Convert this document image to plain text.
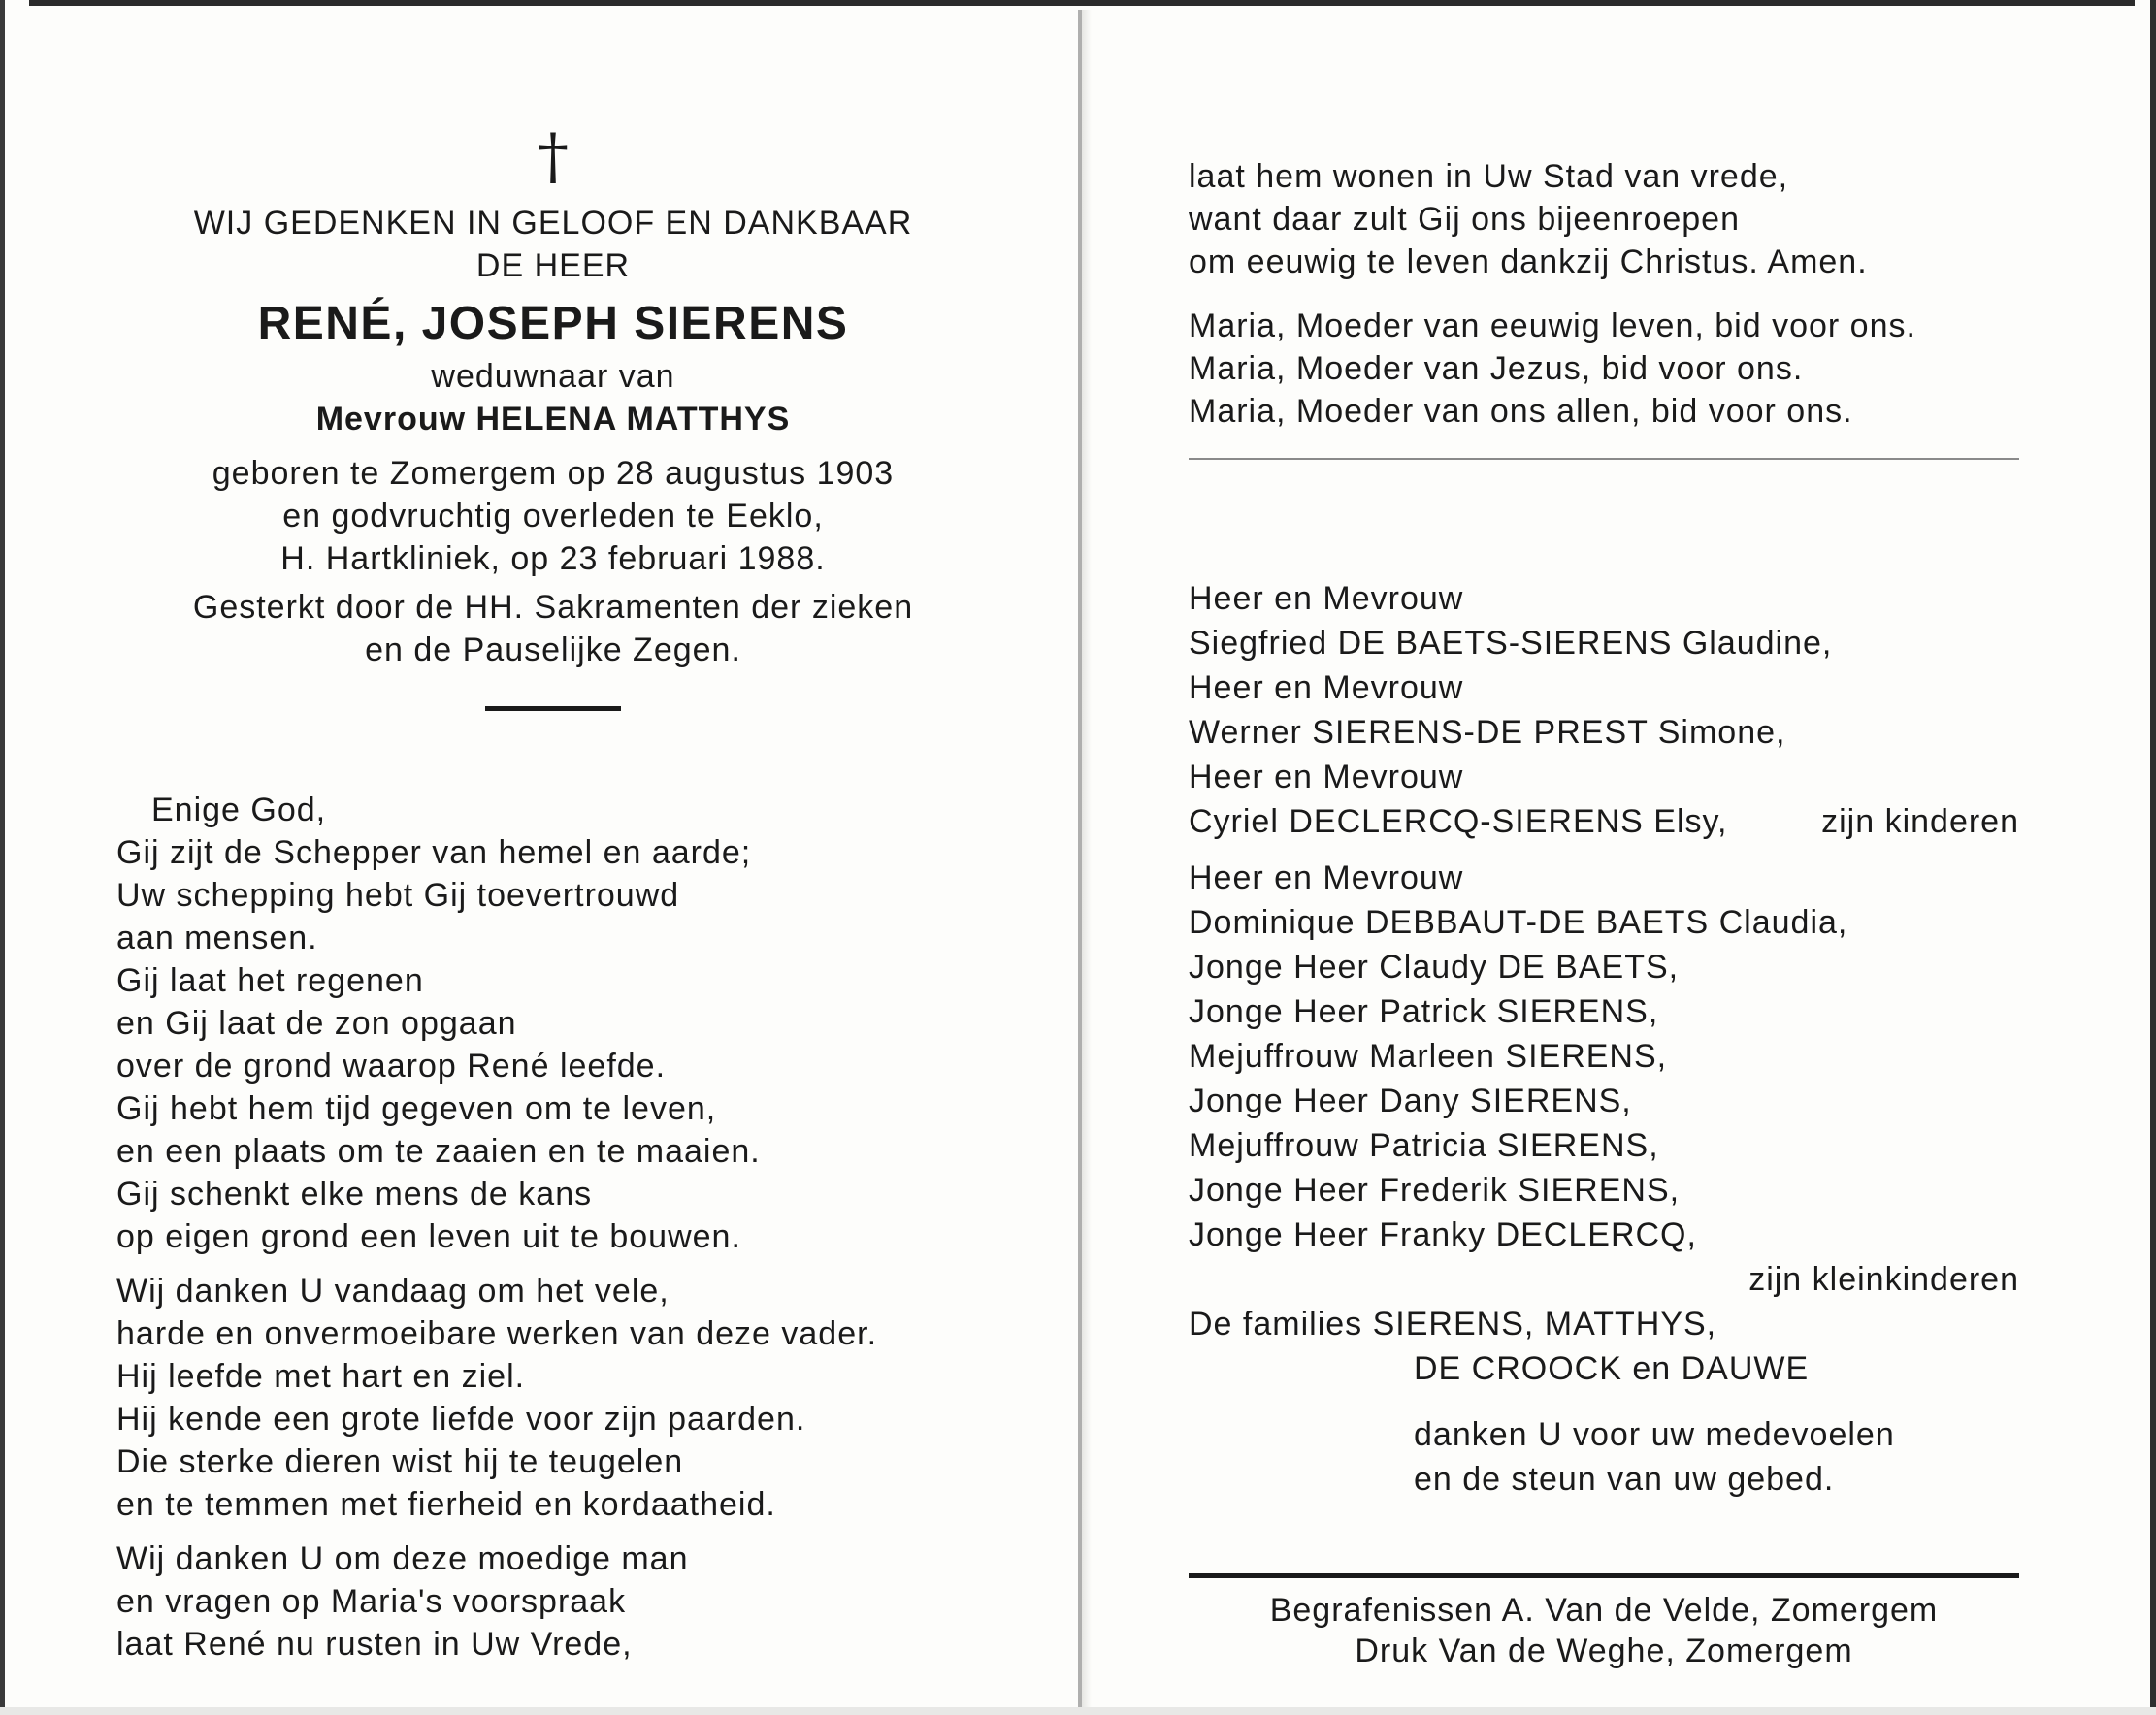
†
WIJ GEDENKEN IN GELOOF EN DANKBAAR
DE HEER
RENÉ, JOSEPH SIERENS
weduwnaar van
Mevrouw HELENA MATTHYS
geboren te Zomergem op 28 augustus 1903
en godvruchtig overleden te Eeklo,
H. Hartkliniek, op 23 februari 1988.
Gesterkt door de HH. Sakramenten der zieken
en de Pauselijke Zegen.
Enige God,
Gij zijt de Schepper van hemel en aarde;
Uw schepping hebt Gij toevertrouwd
aan mensen.
Gij laat het regenen
en Gij laat de zon opgaan
over de grond waarop René leefde.
Gij hebt hem tijd gegeven om te leven,
en een plaats om te zaaien en te maaien.
Gij schenkt elke mens de kans
op eigen grond een leven uit te bouwen.
Wij danken U vandaag om het vele,
harde en onvermoeibare werken van deze vader.
Hij leefde met hart en ziel.
Hij kende een grote liefde voor zijn paarden.
Die sterke dieren wist hij te teugelen
en te temmen met fierheid en kordaatheid.
Wij danken U om deze moedige man
en vragen op Maria's voorspraak
laat René nu rusten in Uw Vrede,
laat hem wonen in Uw Stad van vrede,
want daar zult Gij ons bijeenroepen
om eeuwig te leven dankzij Christus. Amen.
Maria, Moeder van eeuwig leven, bid voor ons.
Maria, Moeder van Jezus, bid voor ons.
Maria, Moeder van ons allen, bid voor ons.
Heer en Mevrouw
Siegfried DE BAETS-SIERENS Glaudine,
Heer en Mevrouw
Werner SIERENS-DE PREST Simone,
Heer en Mevrouw
Cyriel DECLERCQ-SIERENS Elsy,	zijn kinderen
Heer en Mevrouw
Dominique DEBBAUT-DE BAETS Claudia,
Jonge Heer Claudy DE BAETS,
Jonge Heer Patrick SIERENS,
Mejuffrouw Marleen SIERENS,
Jonge Heer Dany SIERENS,
Mejuffrouw Patricia SIERENS,
Jonge Heer Frederik SIERENS,
Jonge Heer Franky DECLERCQ,
zijn kleinkinderen
De families SIERENS, MATTHYS,
DE CROOCK en DAUWE
danken U voor uw medevoelen
en de steun van uw gebed.
Begrafenissen A. Van de Velde, Zomergem
Druk Van de Weghe, Zomergem
